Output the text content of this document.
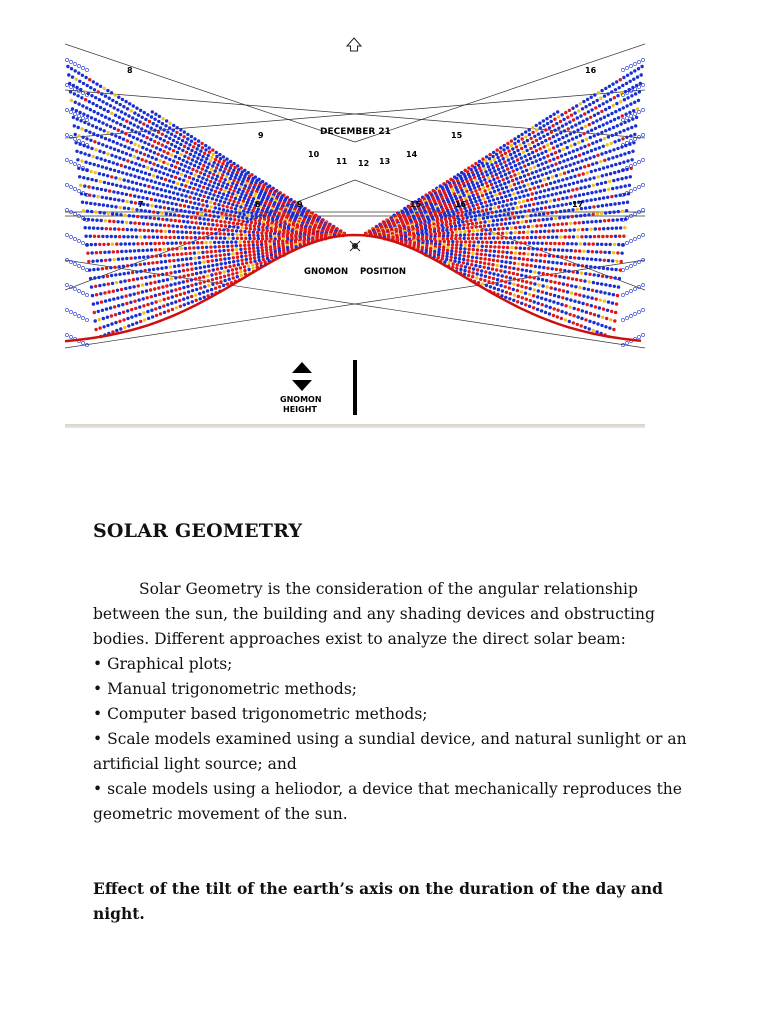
DECEMBER 21
8
9
10
11 12 13
14
15
16
7	8	9	15	16	17
GNOMON    POSITION
GNOMON
HEIGHT
SOLAR GEOMETRY

Solar Geometry is the consideration of the angular relationship between the sun, the building and any shading devices and obstructing bodies. Different approaches exist to analyze the direct solar beam:

• Graphical plots;

• Manual trigonometric methods;

• Computer based trigonometric methods;

• Scale models examined using a sundial device, and natural sunlight or an artificial light source; and

• scale models using a heliodor, a device that mechanically reproduces the geometric movement of the sun.

Effect of the tilt of the earth’s axis on the duration of the day and night.
